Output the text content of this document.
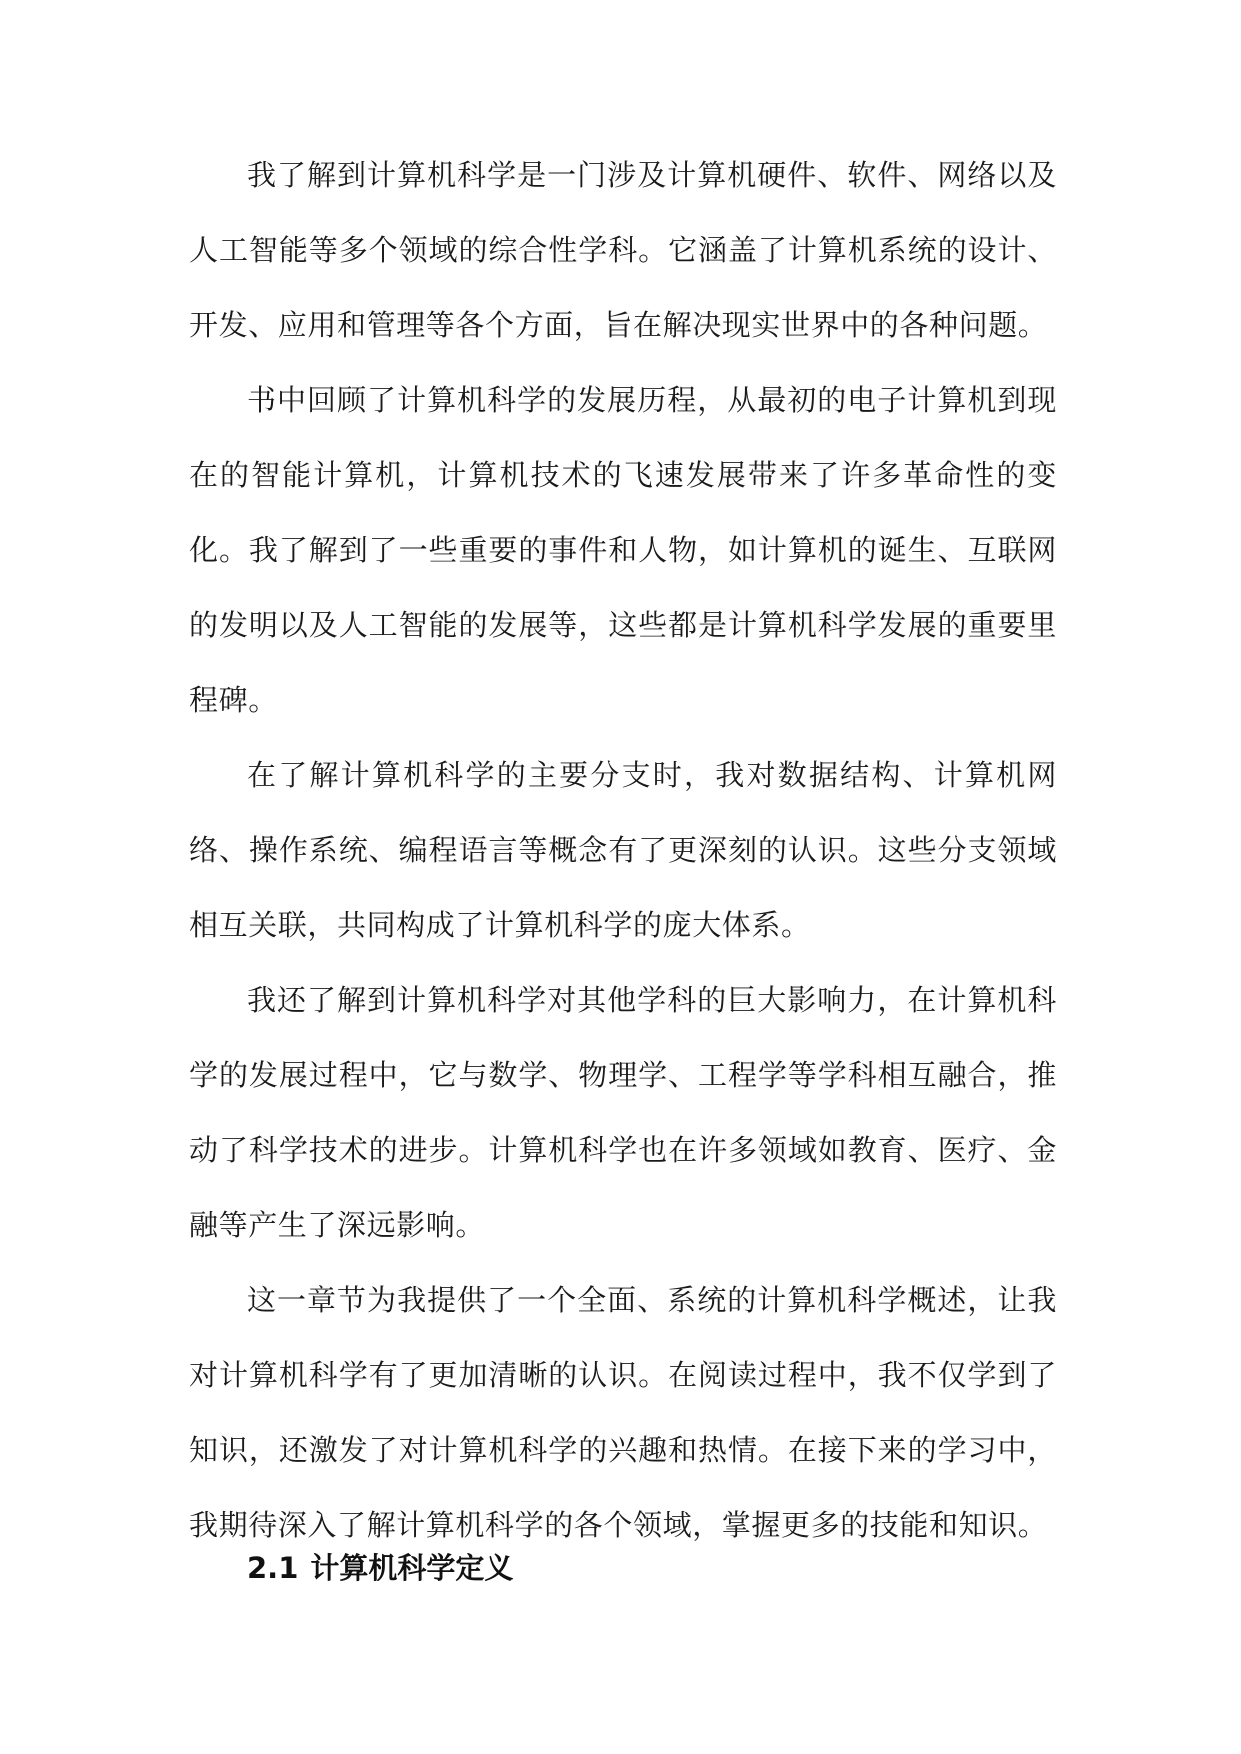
我了解到计算机科学是一门涉及计算机硬件、软件、网络以及人工智能等多个领域的综合性学科。它涵盖了计算机系统的设计、开发、应用和管理等各个方面，旨在解决现实世界中的各种问题。

书中回顾了计算机科学的发展历程，从最初的电子计算机到现在的智能计算机，计算机技术的飞速发展带来了许多革命性的变化。我了解到了一些重要的事件和人物，如计算机的诞生、互联网的发明以及人工智能的发展等，这些都是计算机科学发展的重要里程碑。

在了解计算机科学的主要分支时，我对数据结构、计算机网络、操作系统、编程语言等概念有了更深刻的认识。这些分支领域相互关联，共同构成了计算机科学的庞大体系。

我还了解到计算机科学对其他学科的巨大影响力，在计算机科学的发展过程中，它与数学、物理学、工程学等学科相互融合，推动了科学技术的进步。计算机科学也在许多领域如教育、医疗、金融等产生了深远影响。

这一章节为我提供了一个全面、系统的计算机科学概述，让我对计算机科学有了更加清晰的认识。在阅读过程中，我不仅学到了知识，还激发了对计算机科学的兴趣和热情。在接下来的学习中，我期待深入了解计算机科学的各个领域，掌握更多的技能和知识。

2.1 计算机科学定义
